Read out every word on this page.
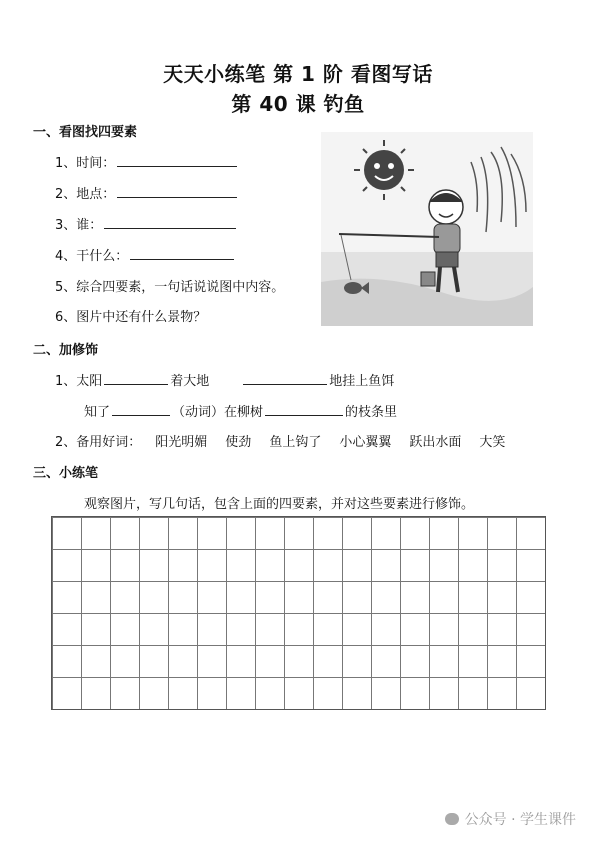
天天小练笔 第 1 阶 看图写话
第 40 课 钓鱼
一、看图找四要素
1、时间：
2、地点：
3、谁：
4、干什么：
5、综合四要素，一句话说说图中内容。
6、图片中还有什么景物？
二、加修饰
1、太阳	着大地	地挂上鱼饵
知了	（动词）在柳树	的枝条里
2、备用好词： 阳光明媚 使劲 鱼上钩了 小心翼翼 跃出水面 大笑
三、小练笔
观察图片，写几句话，包含上面的四要素，并对这些要素进行修饰。
公众号 · 学生课件
